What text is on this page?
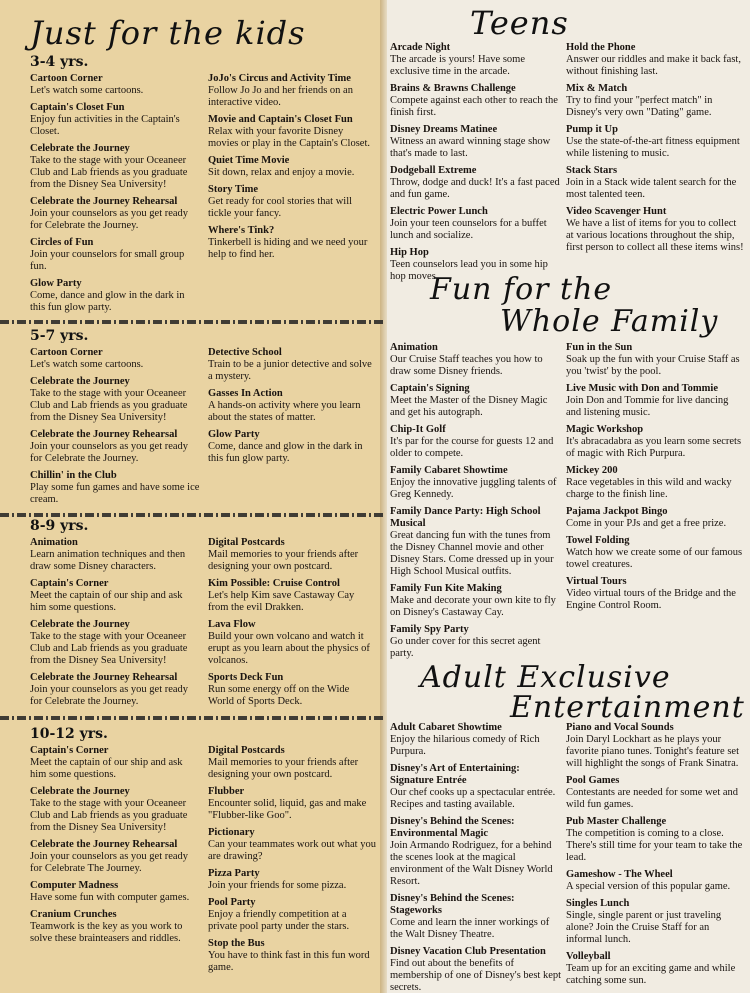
Just for the kids
3-4 yrs.
Cartoon Corner
Let's watch some cartoons.
Captain's Closet Fun
Enjoy fun activities in the Captain's Closet.
Celebrate the Journey
Take to the stage with your Oceaneer Club and Lab friends as you graduate from the Disney Sea University!
Celebrate the Journey Rehearsal
Join your counselors as you get ready for Celebrate the Journey.
Circles of Fun
Join your counselors for small group fun.
Glow Party
Come, dance and glow in the dark in this fun glow party.
JoJo's Circus and Activity Time
Follow Jo Jo and her friends on an interactive video.
Movie and Captain's Closet Fun
Relax with your favorite Disney movies or play in the Captain's Closet.
Quiet Time Movie
Sit down, relax and enjoy a movie.
Story Time
Get ready for cool stories that will tickle your fancy.
Where's Tink?
Tinkerbell is hiding and we need your help to find her.
5-7 yrs.
Cartoon Corner
Let's watch some cartoons.
Celebrate the Journey
Take to the stage with your Oceaneer Club and Lab friends as you graduate from the Disney Sea University!
Celebrate the Journey Rehearsal
Join your counselors as you get ready for Celebrate the Journey.
Chillin' in the Club
Play some fun games and have some ice cream.
Detective School
Train to be a junior detective and solve a mystery.
Gasses In Action
A hands-on activity where you learn about the states of matter.
Glow Party
Come, dance and glow in the dark in this fun glow party.
8-9 yrs.
Animation
Learn animation techniques and then draw some Disney characters.
Captain's Corner
Meet the captain of our ship and ask him some questions.
Celebrate the Journey
Take to the stage with your Oceaneer Club and Lab friends as you graduate from the Disney Sea University!
Celebrate the Journey Rehearsal
Join your counselors as you get ready for Celebrate the Journey.
Digital Postcards
Mail memories to your friends after designing your own postcard.
Kim Possible: Cruise Control
Let's help Kim save Castaway Cay from the evil Drakken.
Lava Flow
Build your own volcano and watch it erupt as you learn about the physics of volcanos.
Sports Deck Fun
Run some energy off on the Wide World of Sports Deck.
10-12 yrs.
Captain's Corner
Meet the captain of our ship and ask him some questions.
Celebrate the Journey
Take to the stage with your Oceaneer Club and Lab friends as you graduate from the Disney Sea University!
Celebrate the Journey Rehearsal
Join your counselors as you get ready for Celebrate The Journey.
Computer Madness
Have some fun with computer games.
Cranium Crunches
Teamwork is the key as you work to solve these brainteasers and riddles.
Digital Postcards
Mail memories to your friends after designing your own postcard.
Flubber
Encounter solid, liquid, gas and make "Flubber-like Goo".
Pictionary
Can your teammates work out what you are drawing?
Pizza Party
Join your friends for some pizza.
Pool Party
Enjoy a friendly competition at a private pool party under the stars.
Stop the Bus
You have to think fast in this fun word game.
Teens
Arcade Night
The arcade is yours! Have some exclusive time in the arcade.
Brains & Brawns Challenge
Compete against each other to reach the finish first.
Disney Dreams Matinee
Witness an award winning stage show that's made to last.
Dodgeball Extreme
Throw, dodge and duck! It's a fast paced and fun game.
Electric Power Lunch
Join your teen counselors for a buffet lunch and socialize.
Hip Hop
Teen counselors lead you in some hip hop moves.
Hold the Phone
Answer our riddles and make it back fast, without finishing last.
Mix & Match
Try to find your "perfect match" in Disney's very own "Dating" game.
Pump it Up
Use the state-of-the-art fitness equipment while listening to music.
Stack Stars
Join in a Stack wide talent search for the most talented teen.
Video Scavenger Hunt
We have a list of items for you to collect at various locations throughout the ship, first person to collect all these items wins!
Fun for the
Whole Family
Animation
Our Cruise Staff teaches you how to draw some Disney friends.
Captain's Signing
Meet the Master of the Disney Magic and get his autograph.
Chip-It Golf
It's par for the course for guests 12 and older to compete.
Family Cabaret Showtime
Enjoy the innovative juggling talents of Greg Kennedy.
Family Dance Party: High School Musical
Great dancing fun with the tunes from the Disney Channel movie and other Disney Stars. Come dressed up in your High School Musical outfits.
Family Fun Kite Making
Make and decorate your own kite to fly on Disney's Castaway Cay.
Family Spy Party
Go under cover for this secret agent party.
Fun in the Sun
Soak up the fun with your Cruise Staff as you 'twist' by the pool.
Live Music with Don and Tommie
Join Don and Tommie for live dancing and listening music.
Magic Workshop
It's abracadabra as you learn some secrets of magic with Rich Purpura.
Mickey 200
Race vegetables in this wild and wacky charge to the finish line.
Pajama Jackpot Bingo
Come in your PJs and get a free prize.
Towel Folding
Watch how we create some of our famous towel creatures.
Virtual Tours
Video virtual tours of the Bridge and the Engine Control Room.
Adult Exclusive
Entertainment
Adult Cabaret Showtime
Enjoy the hilarious comedy of Rich Purpura.
Disney's Art of Entertaining: Signature Entrée
Our chef cooks up a spectacular entrée. Recipes and tasting available.
Disney's Behind the Scenes: Environmental Magic
Join Armando Rodriguez, for a behind the scenes look at the magical environment of the Walt Disney World Resort.
Disney's Behind the Scenes: Stageworks
Come and learn the inner workings of the Walt Disney Theatre.
Disney Vacation Club Presentation
Find out about the benefits of membership of one of Disney's best kept secrets.
Piano and Vocal Sounds
Join Daryl Lockhart as he plays your favorite piano tunes. Tonight's feature set will highlight the songs of Frank Sinatra.
Pool Games
Contestants are needed for some wet and wild fun games.
Pub Master Challenge
The competition is coming to a close. There's still time for your team to take the lead.
Gameshow - The Wheel
A special version of this popular game.
Singles Lunch
Single, single parent or just traveling alone? Join the Cruise Staff for an informal lunch.
Volleyball
Team up for an exciting game and while catching some sun.
